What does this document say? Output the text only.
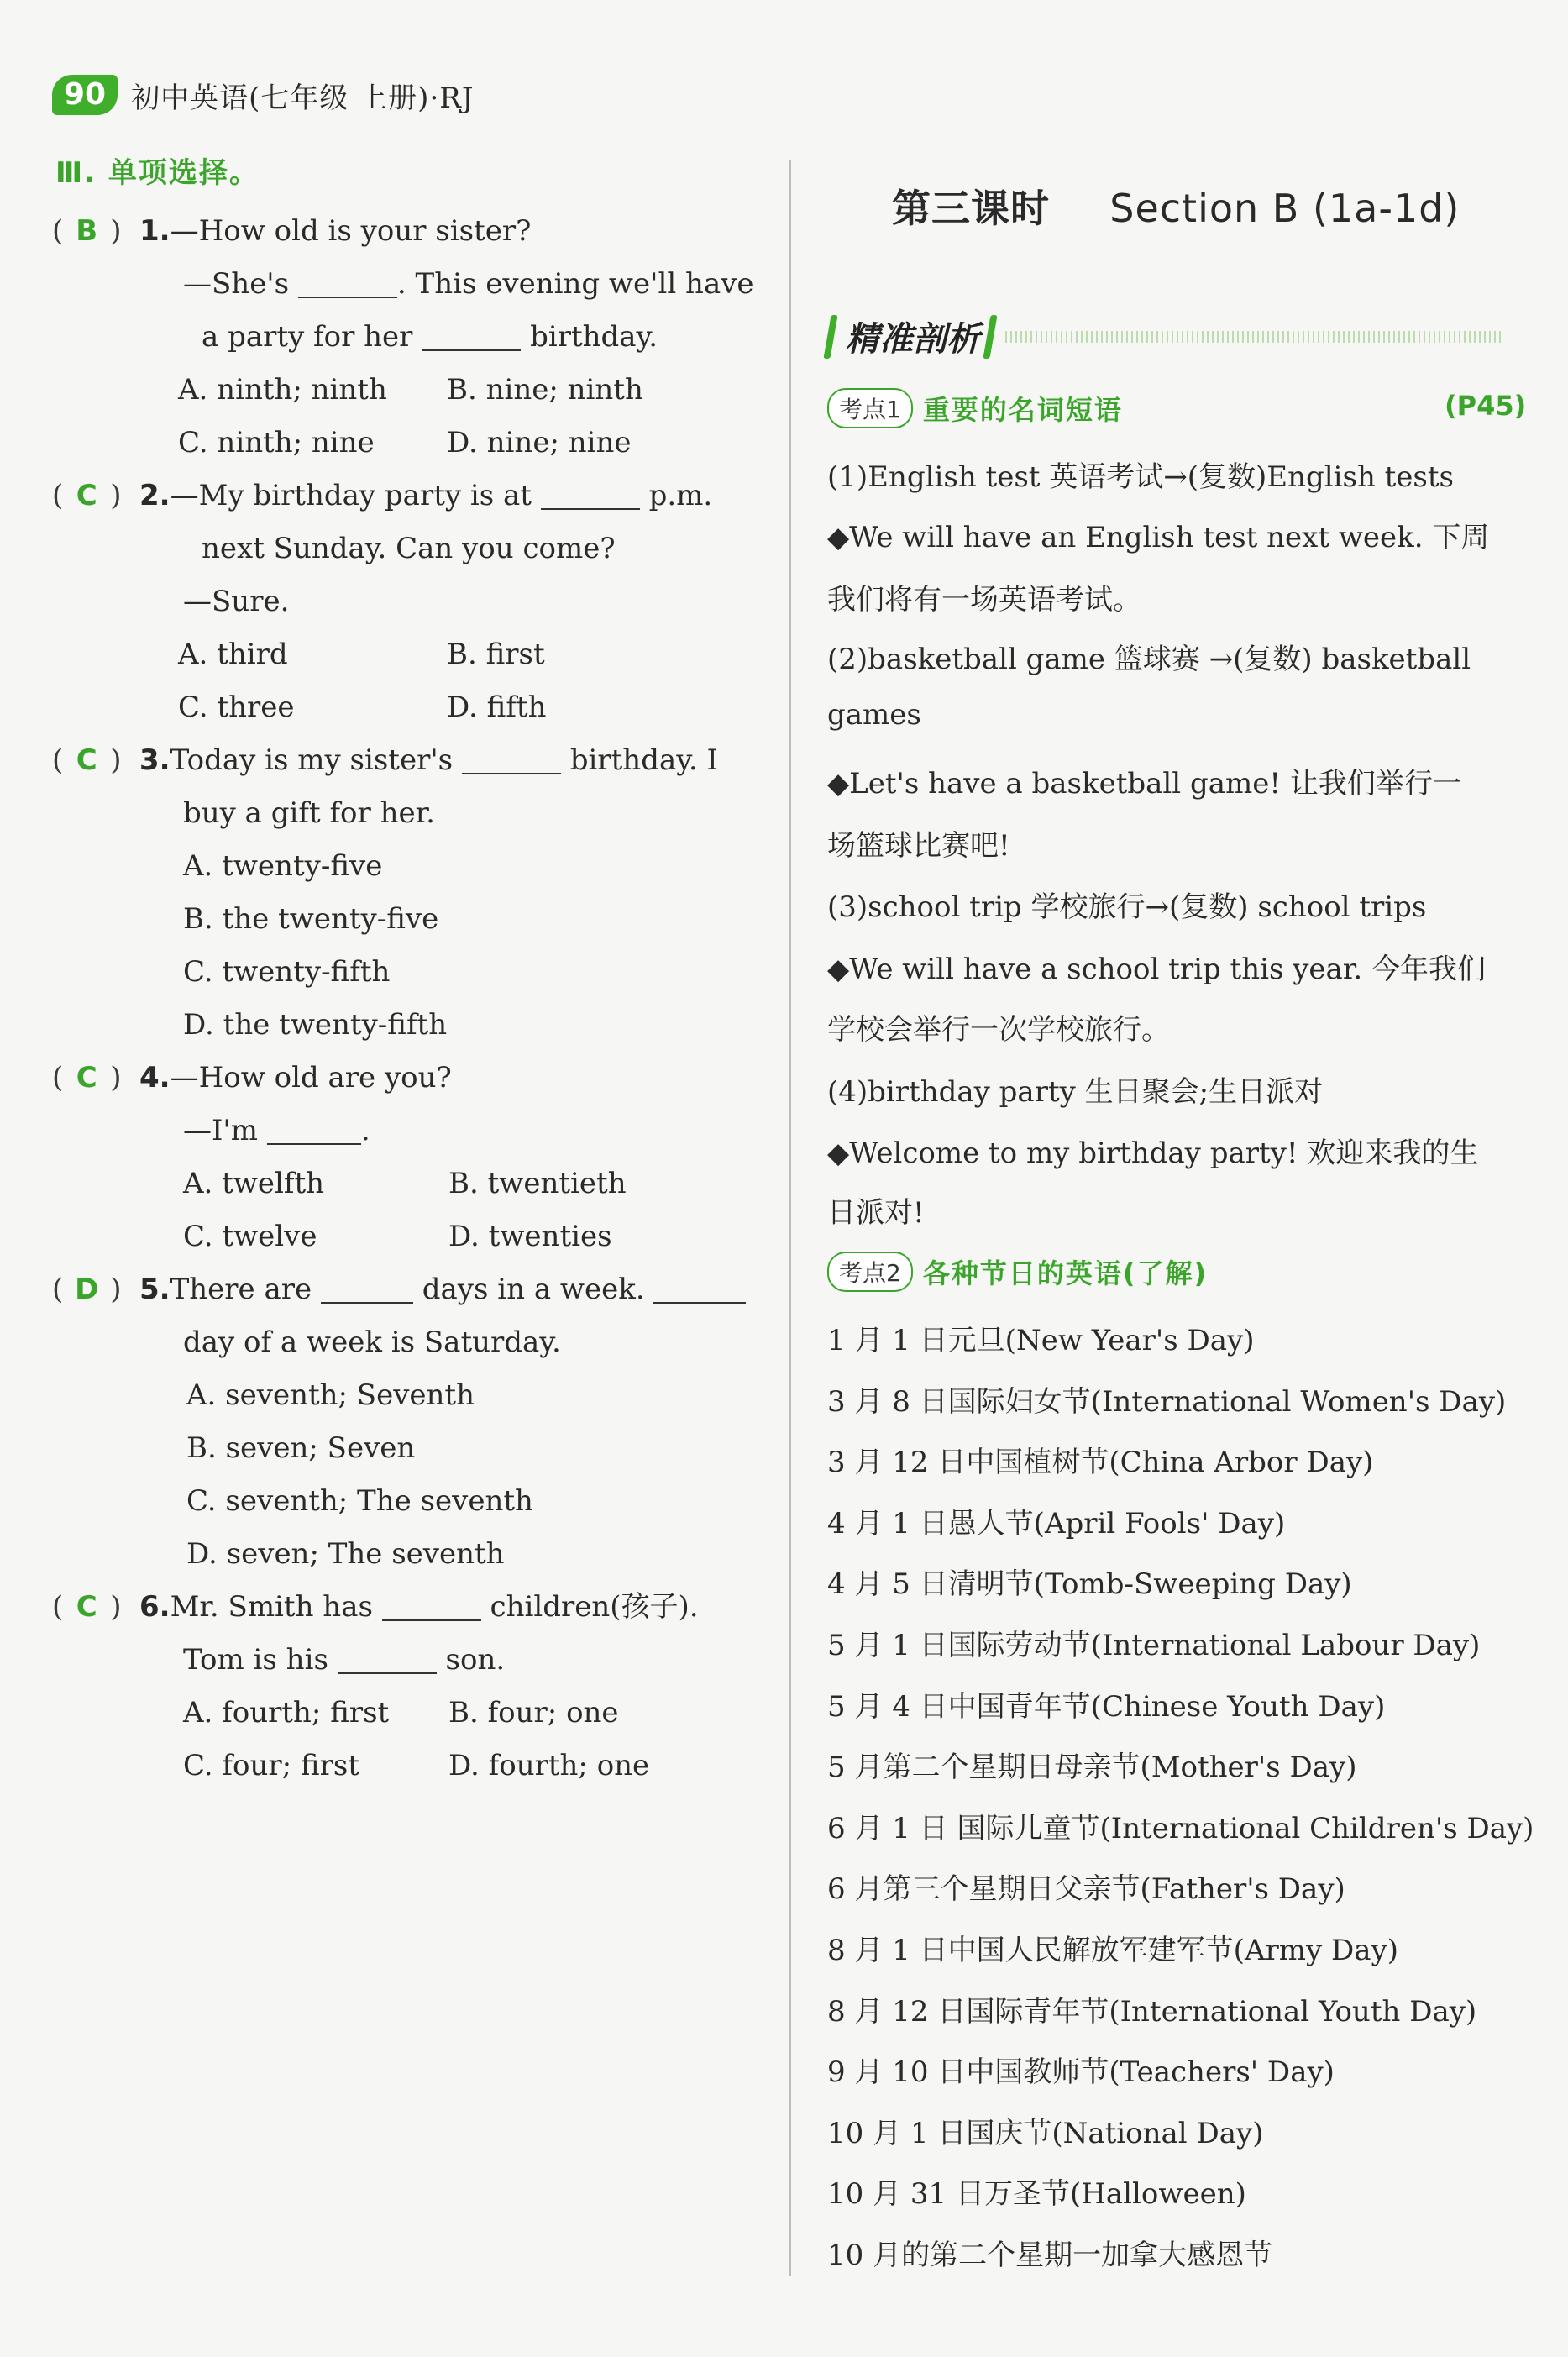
90 初中英语(七年级 上册)·RJ
Ⅲ. 单项选择。
( B ) 1.—How old is your sister?
—She's	. This evening we'll have
a party for her	birthday.
A. ninth; ninth B. nine; ninth
C. ninth; nine	D. nine; nine
( C ) 2.—My birthday party is at	p.m.
next Sunday. Can you come?
—Sure.
A. third	B. first
C. three	D. fifth
( C ) 3.Today is my sister's	birthday. I
buy a gift for her.
A. twenty-five
B. the twenty-five
C. twenty-fifth
D. the twenty-fifth
( C ) 4.—How old are you?
—I'm	.
A. twelfth	B. twentieth
C. twelve	D. twenties
( D ) 5.There are	days in a week.
day of a week is Saturday.
A. seventh; Seventh
B. seven; Seven
C. seventh; The seventh
D. seven; The seventh
( C ) 6.Mr. Smith has	children(孩子).
Tom is his	son.
A. fourth; first B. four; one
C. four; first	D. fourth; one
第三课时 Section B (1a-1d)
精准剖析
考点1 重要的名词短语	(P45)
(1)English test 英语考试→(复数)English tests
◆We will have an English test next week. 下周
我们将有一场英语考试。
(2)basketball game 篮球赛 →(复数) basketball
games
◆Let's have a basketball game! 让我们举行一
场篮球比赛吧!
(3)school trip 学校旅行→(复数) school trips
◆We will have a school trip this year. 今年我们
学校会举行一次学校旅行。
(4)birthday party 生日聚会;生日派对
◆Welcome to my birthday party! 欢迎来我的生
日派对!
考点2 各种节日的英语(了解)
1 月 1 日元旦(New Year's Day)
3 月 8 日国际妇女节(International Women's Day)
3 月 12 日中国植树节(China Arbor Day)
4 月 1 日愚人节(April Fools' Day)
4 月 5 日清明节(Tomb-Sweeping Day)
5 月 1 日国际劳动节(International Labour Day)
5 月 4 日中国青年节(Chinese Youth Day)
5 月第二个星期日母亲节(Mother's Day)
6 月 1 日 国际儿童节(International Children's Day)
6 月第三个星期日父亲节(Father's Day)
8 月 1 日中国人民解放军建军节(Army Day)
8 月 12 日国际青年节(International Youth Day)
9 月 10 日中国教师节(Teachers' Day)
10 月 1 日国庆节(National Day)
10 月 31 日万圣节(Halloween)
10 月的第二个星期一加拿大感恩节
